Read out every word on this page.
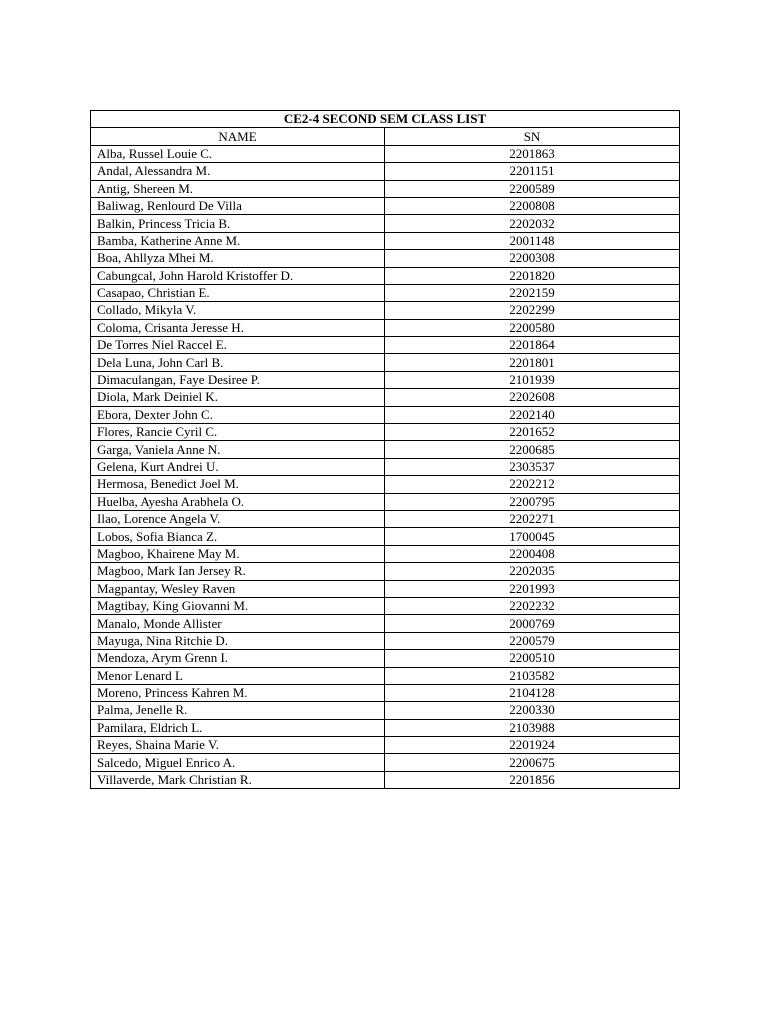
CE2-4 SECOND SEM CLASS LIST	
NAME	SN
Alba, Russel Louie C.	2201863
Andal, Alessandra M.	2201151
Antig, Shereen M.	2200589
Baliwag, Renlourd De Villa	2200808
Balkin, Princess Tricia B.	2202032
Bamba, Katherine Anne M.	2001148
Boa, Ahllyza Mhei M.	2200308
Cabungcal, John Harold Kristoffer D.	2201820
Casapao, Christian E.	2202159
Collado, Mikyla V.	2202299
Coloma, Crisanta Jeresse H.	2200580
De Torres Niel Raccel E.	2201864
Dela Luna, John Carl B.	2201801
Dimaculangan, Faye Desiree P.	2101939
Diola, Mark Deiniel K.	2202608
Ebora, Dexter John C.	2202140
Flores, Rancie Cyril C.	2201652
Garga, Vaniela Anne N.	2200685
Gelena, Kurt Andrei U.	2303537
Hermosa, Benedict Joel M.	2202212
Huelba, Ayesha Arabhela O.	2200795
Ilao, Lorence Angela V.	2202271
Lobos, Sofia Bianca Z.	1700045
Magboo, Khairene May M.	2200408
Magboo, Mark Ian Jersey R.	2202035
Magpantay, Wesley Raven	2201993
Magtibay, King Giovanni M.	2202232
Manalo, Monde Allister	2000769
Mayuga, Nina Ritchie D.	2200579
Mendoza, Arym Grenn I.	2200510
Menor Lenard L	2103582
Moreno, Princess Kahren M.	2104128
Palma, Jenelle R.	2200330
Pamilara, Eldrich L.	2103988
Reyes, Shaina Marie V.	2201924
Salcedo, Miguel Enrico A.	2200675
Villaverde, Mark Christian R.	2201856
